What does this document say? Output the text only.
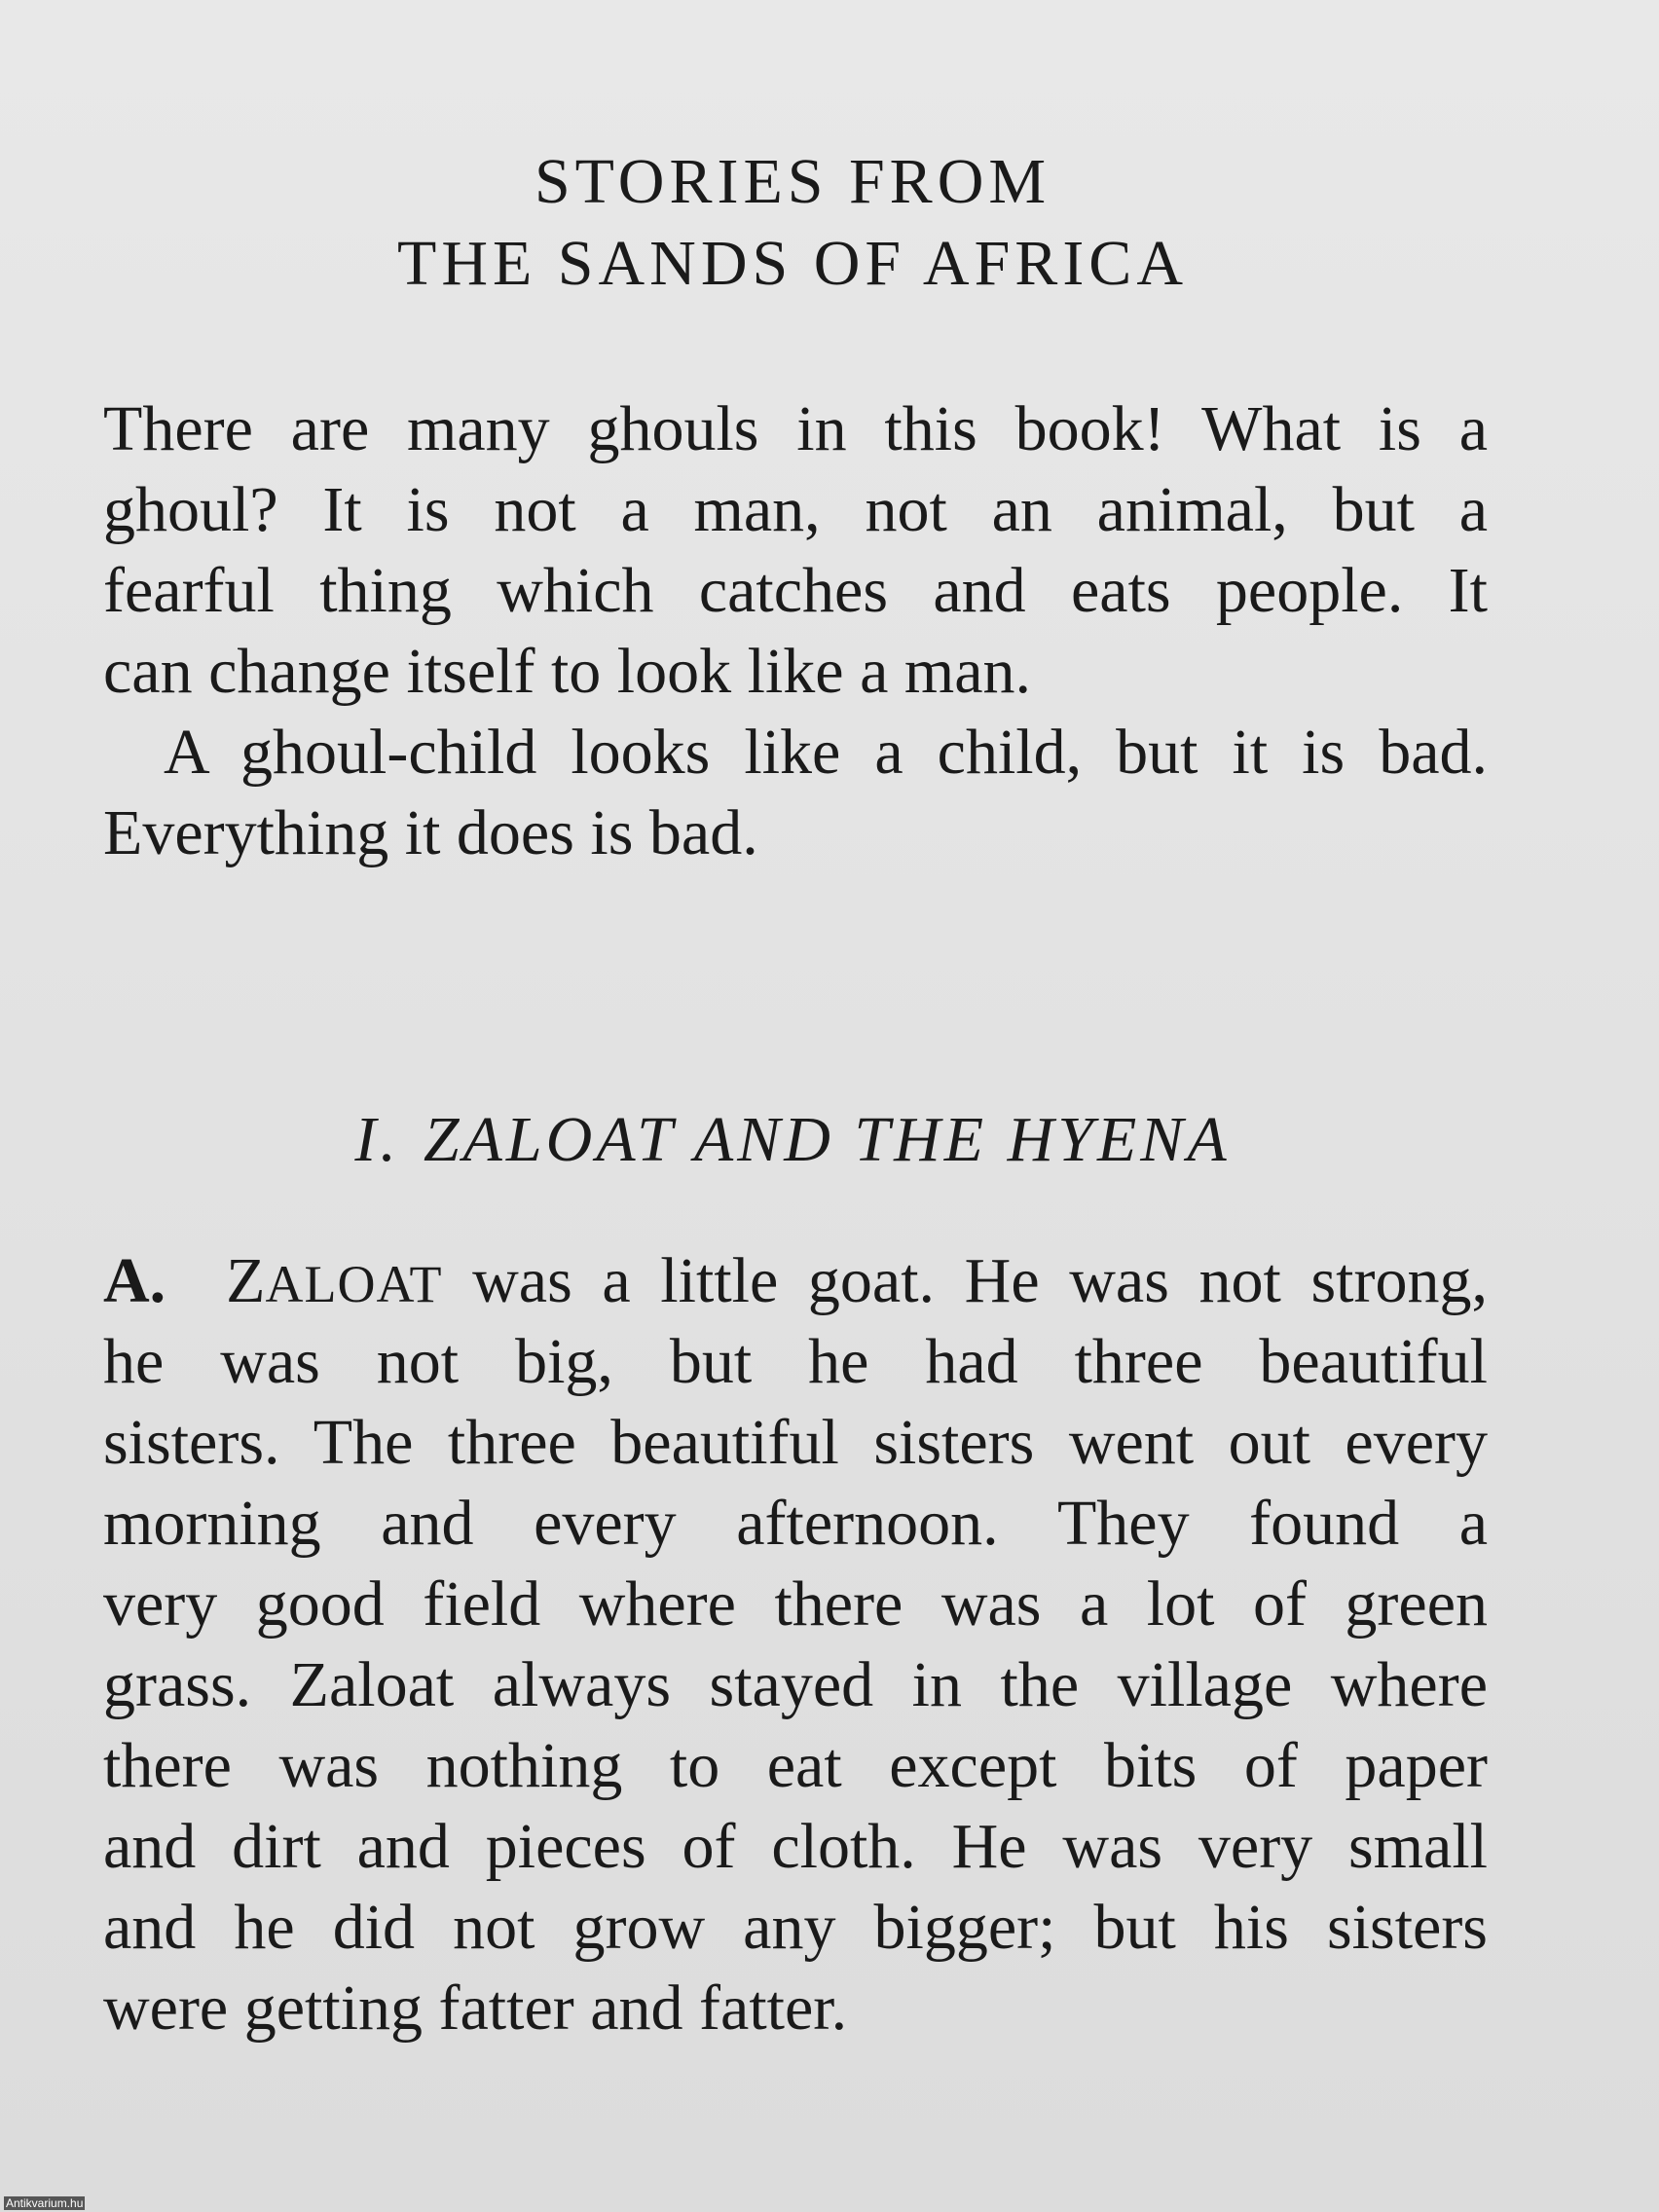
STORIES FROM
THE SANDS OF AFRICA
There are many ghouls in this book! What is a
ghoul? It is not a man, not an animal, but a
fearful thing which catches and eats people. It
can change itself to look like a man.
A ghoul-child looks like a child, but it is bad.
Everything it does is bad.
I. ZALOAT AND THE HYENA
A. ZALOAT was a little goat. He was not strong,
he was not big, but he had three beautiful
sisters. The three beautiful sisters went out every
morning and every afternoon. They found a
very good field where there was a lot of green
grass. Zaloat always stayed in the village where
there was nothing to eat except bits of paper
and dirt and pieces of cloth. He was very small
and he did not grow any bigger; but his sisters
were getting fatter and fatter.
Antikvarium.hu
